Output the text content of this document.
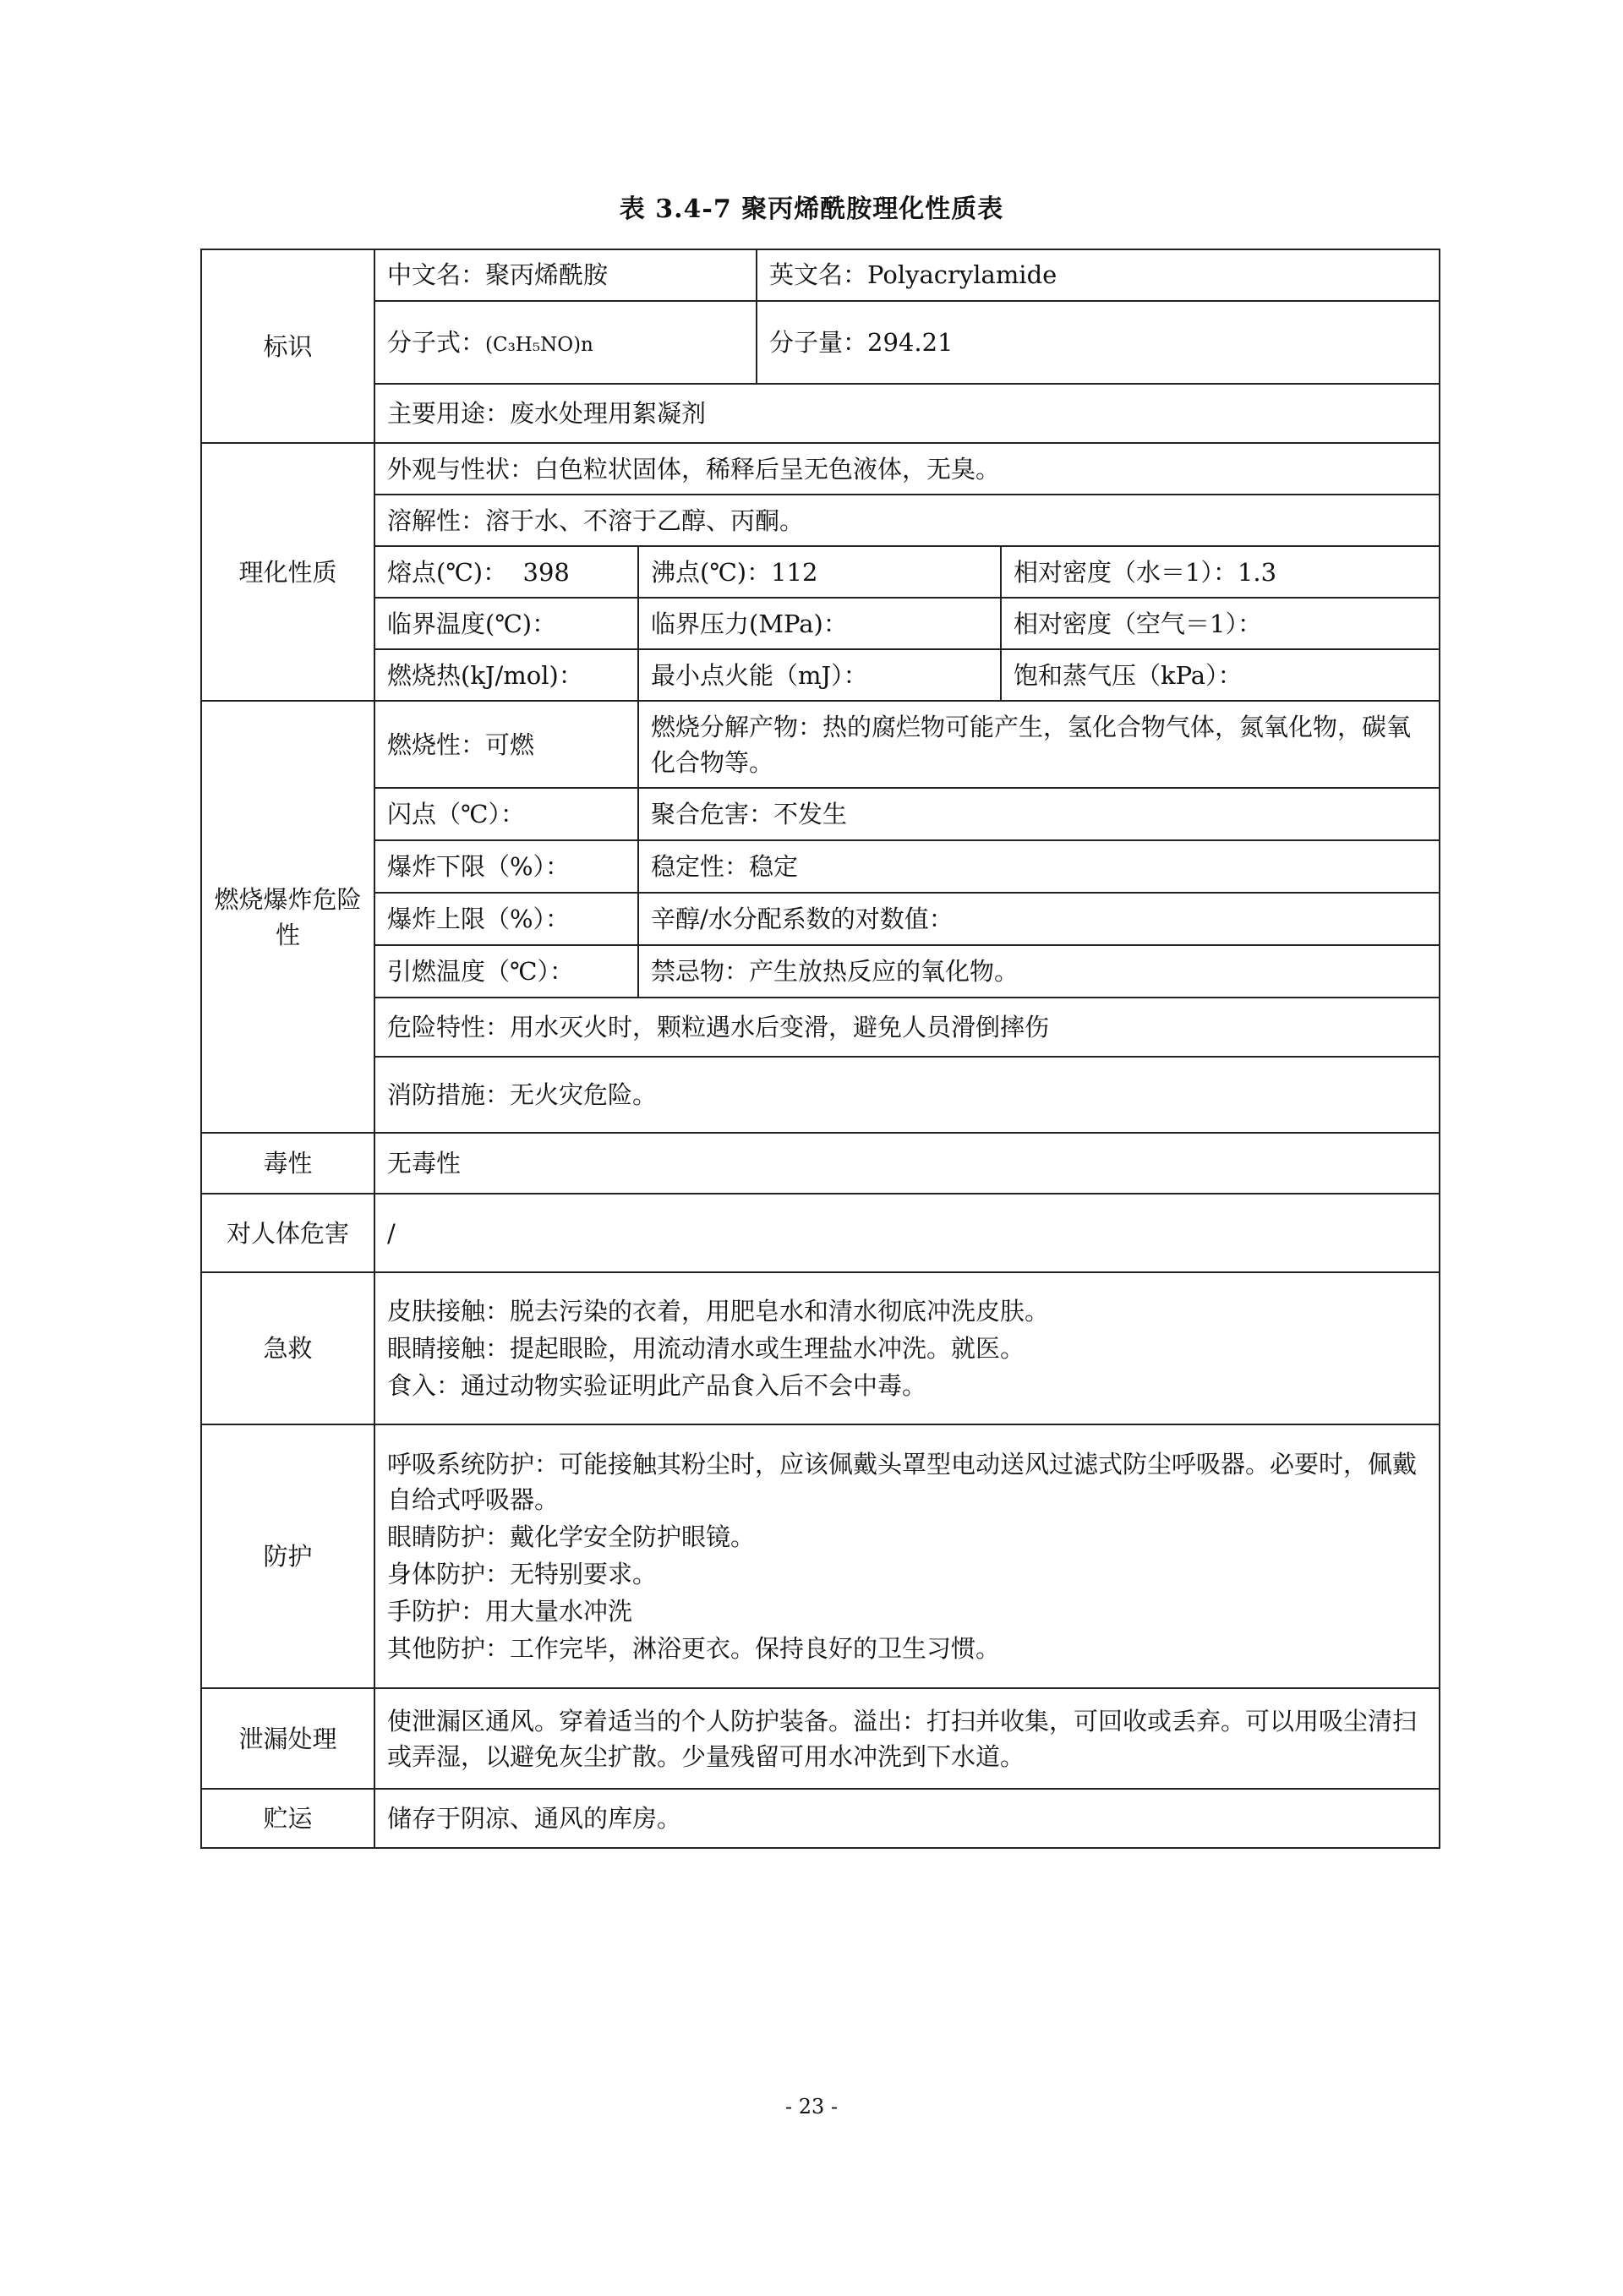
表 3.4-7 聚丙烯酰胺理化性质表
标识	中文名：聚丙烯酰胺		英文名：Polyacrylamide		
	分子式：(C₃H₅NO)n		分子量：294.21	
	主要用途：废水处理用絮凝剂				
理化性质	外观与性状：白色粒状固体，稀释后呈无色液体，无臭。				
	溶解性：溶于水、不溶于乙醇、丙酮。				
	熔点(℃)：  398	沸点(℃)：112		相对密度（水＝1）：1.3	
	临界温度(℃)：	临界压力(MPa)：		相对密度（空气＝1）：	
	燃烧热(kJ/mol)：	最小点火能（mJ）：		饱和蒸气压（kPa）：	
燃烧爆炸危险性	燃烧性：可燃	燃烧分解产物：热的腐烂物可能产生，氢化合物气体，氮氧化物，碳氧化合物等。			
	闪点（℃）：	聚合危害：不发生			
	爆炸下限（%）：	稳定性：稳定			
	爆炸上限（%）：	辛醇/水分配系数的对数值：			
	引燃温度（℃）：	禁忌物：产生放热反应的氧化物。			
	危险特性：用水灭火时，颗粒遇水后变滑，避免人员滑倒摔伤				
	消防措施：无火灾危险。				
毒性	无毒性				
对人体危害	/				
急救	皮肤接触：脱去污染的衣着，用肥皂水和清水彻底冲洗皮肤。
眼睛接触：提起眼睑，用流动清水或生理盐水冲洗。就医。
食入：通过动物实验证明此产品食入后不会中毒。				

防护	呼吸系统防护：可能接触其粉尘时，应该佩戴头罩型电动送风过滤式防尘呼吸器。必要时，佩戴自给式呼吸器。
眼睛防护：戴化学安全防护眼镜。
身体防护：无特别要求。
手防护：用大量水冲洗
其他防护：工作完毕，淋浴更衣。保持良好的卫生习惯。				

泄漏处理	使泄漏区通风。穿着适当的个人防护装备。溢出：打扫并收集，可回收或丢弃。可以用吸尘清扫或弄湿，以避免灰尘扩散。少量残留可用水冲洗到下水道。				
贮运	储存于阴凉、通风的库房。				
- 23 -
